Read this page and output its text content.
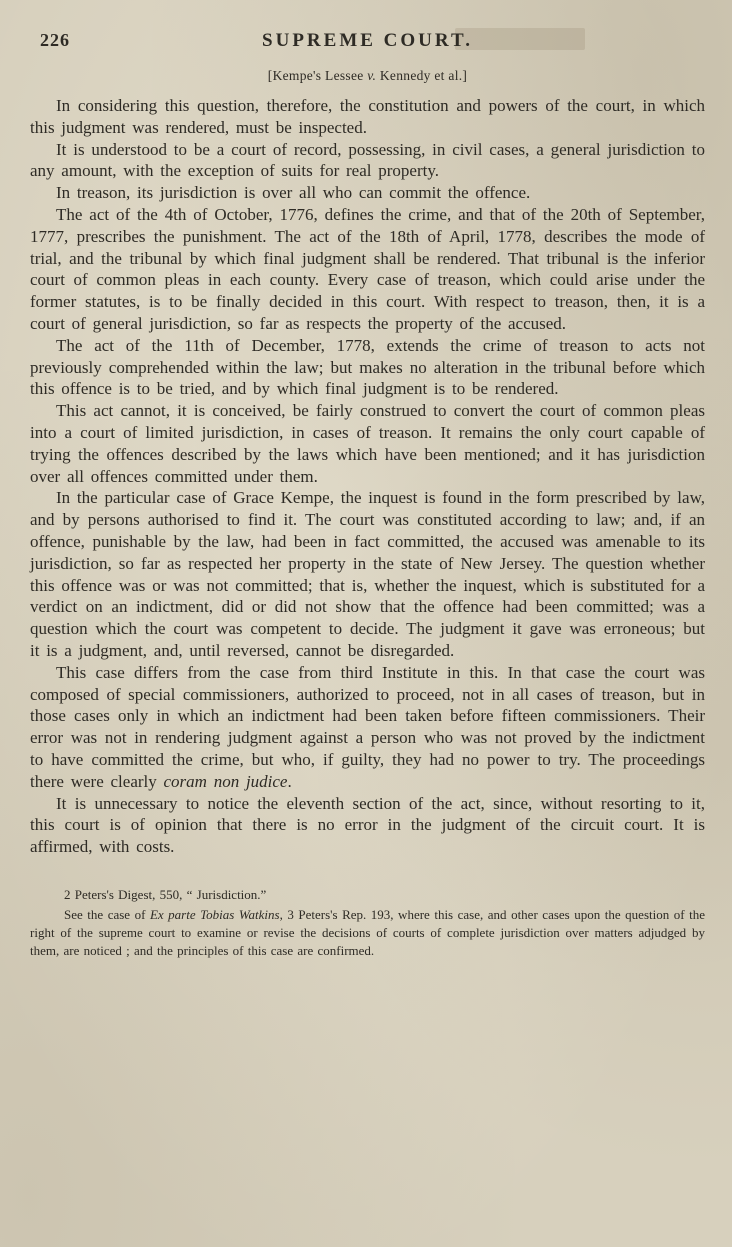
226	SUPREME COURT.
[Kempe's Lessee v. Kennedy et al.]

In considering this question, therefore, the constitution and powers of the court, in which this judgment was rendered, must be inspected.

It is understood to be a court of record, possessing, in civil cases, a general jurisdiction to any amount, with the exception of suits for real property.

In treason, its jurisdiction is over all who can commit the offence.

The act of the 4th of October, 1776, defines the crime, and that of the 20th of September, 1777, prescribes the punishment. The act of the 18th of April, 1778, describes the mode of trial, and the tribunal by which final judgment shall be rendered. That tribunal is the inferior court of common pleas in each county. Every case of treason, which could arise under the former statutes, is to be finally decided in this court. With respect to treason, then, it is a court of general jurisdiction, so far as respects the property of the accused.

The act of the 11th of December, 1778, extends the crime of treason to acts not previously comprehended within the law; but makes no alteration in the tribunal before which this offence is to be tried, and by which final judgment is to be rendered.

This act cannot, it is conceived, be fairly construed to convert the court of common pleas into a court of limited jurisdiction, in cases of treason. It remains the only court capable of trying the offences described by the laws which have been mentioned; and it has jurisdiction over all offences committed under them.

In the particular case of Grace Kempe, the inquest is found in the form prescribed by law, and by persons authorised to find it. The court was constituted according to law; and, if an offence, punishable by the law, had been in fact committed, the accused was amenable to its jurisdiction, so far as respected her property in the state of New Jersey. The question whether this offence was or was not committed; that is, whether the inquest, which is substituted for a verdict on an indictment, did or did not show that the offence had been committed; was a question which the court was competent to decide. The judgment it gave was erroneous; but it is a judgment, and, until reversed, cannot be disregarded.

This case differs from the case from third Institute in this. In that case the court was composed of special commissioners, authorized to proceed, not in all cases of treason, but in those cases only in which an indictment had been taken before fifteen commissioners. Their error was not in rendering judgment against a person who was not proved by the indictment to have committed the crime, but who, if guilty, they had no power to try. The proceedings there were clearly coram non judice.

It is unnecessary to notice the eleventh section of the act, since, without resorting to it, this court is of opinion that there is no error in the judgment of the circuit court. It is affirmed, with costs.

2 Peters's Digest, 550, “ Jurisdiction.”

See the case of Ex parte Tobias Watkins, 3 Peters's Rep. 193, where this case, and other cases upon the question of the right of the supreme court to examine or revise the decisions of courts of complete jurisdiction over matters adjudged by them, are noticed ; and the principles of this case are confirmed.
